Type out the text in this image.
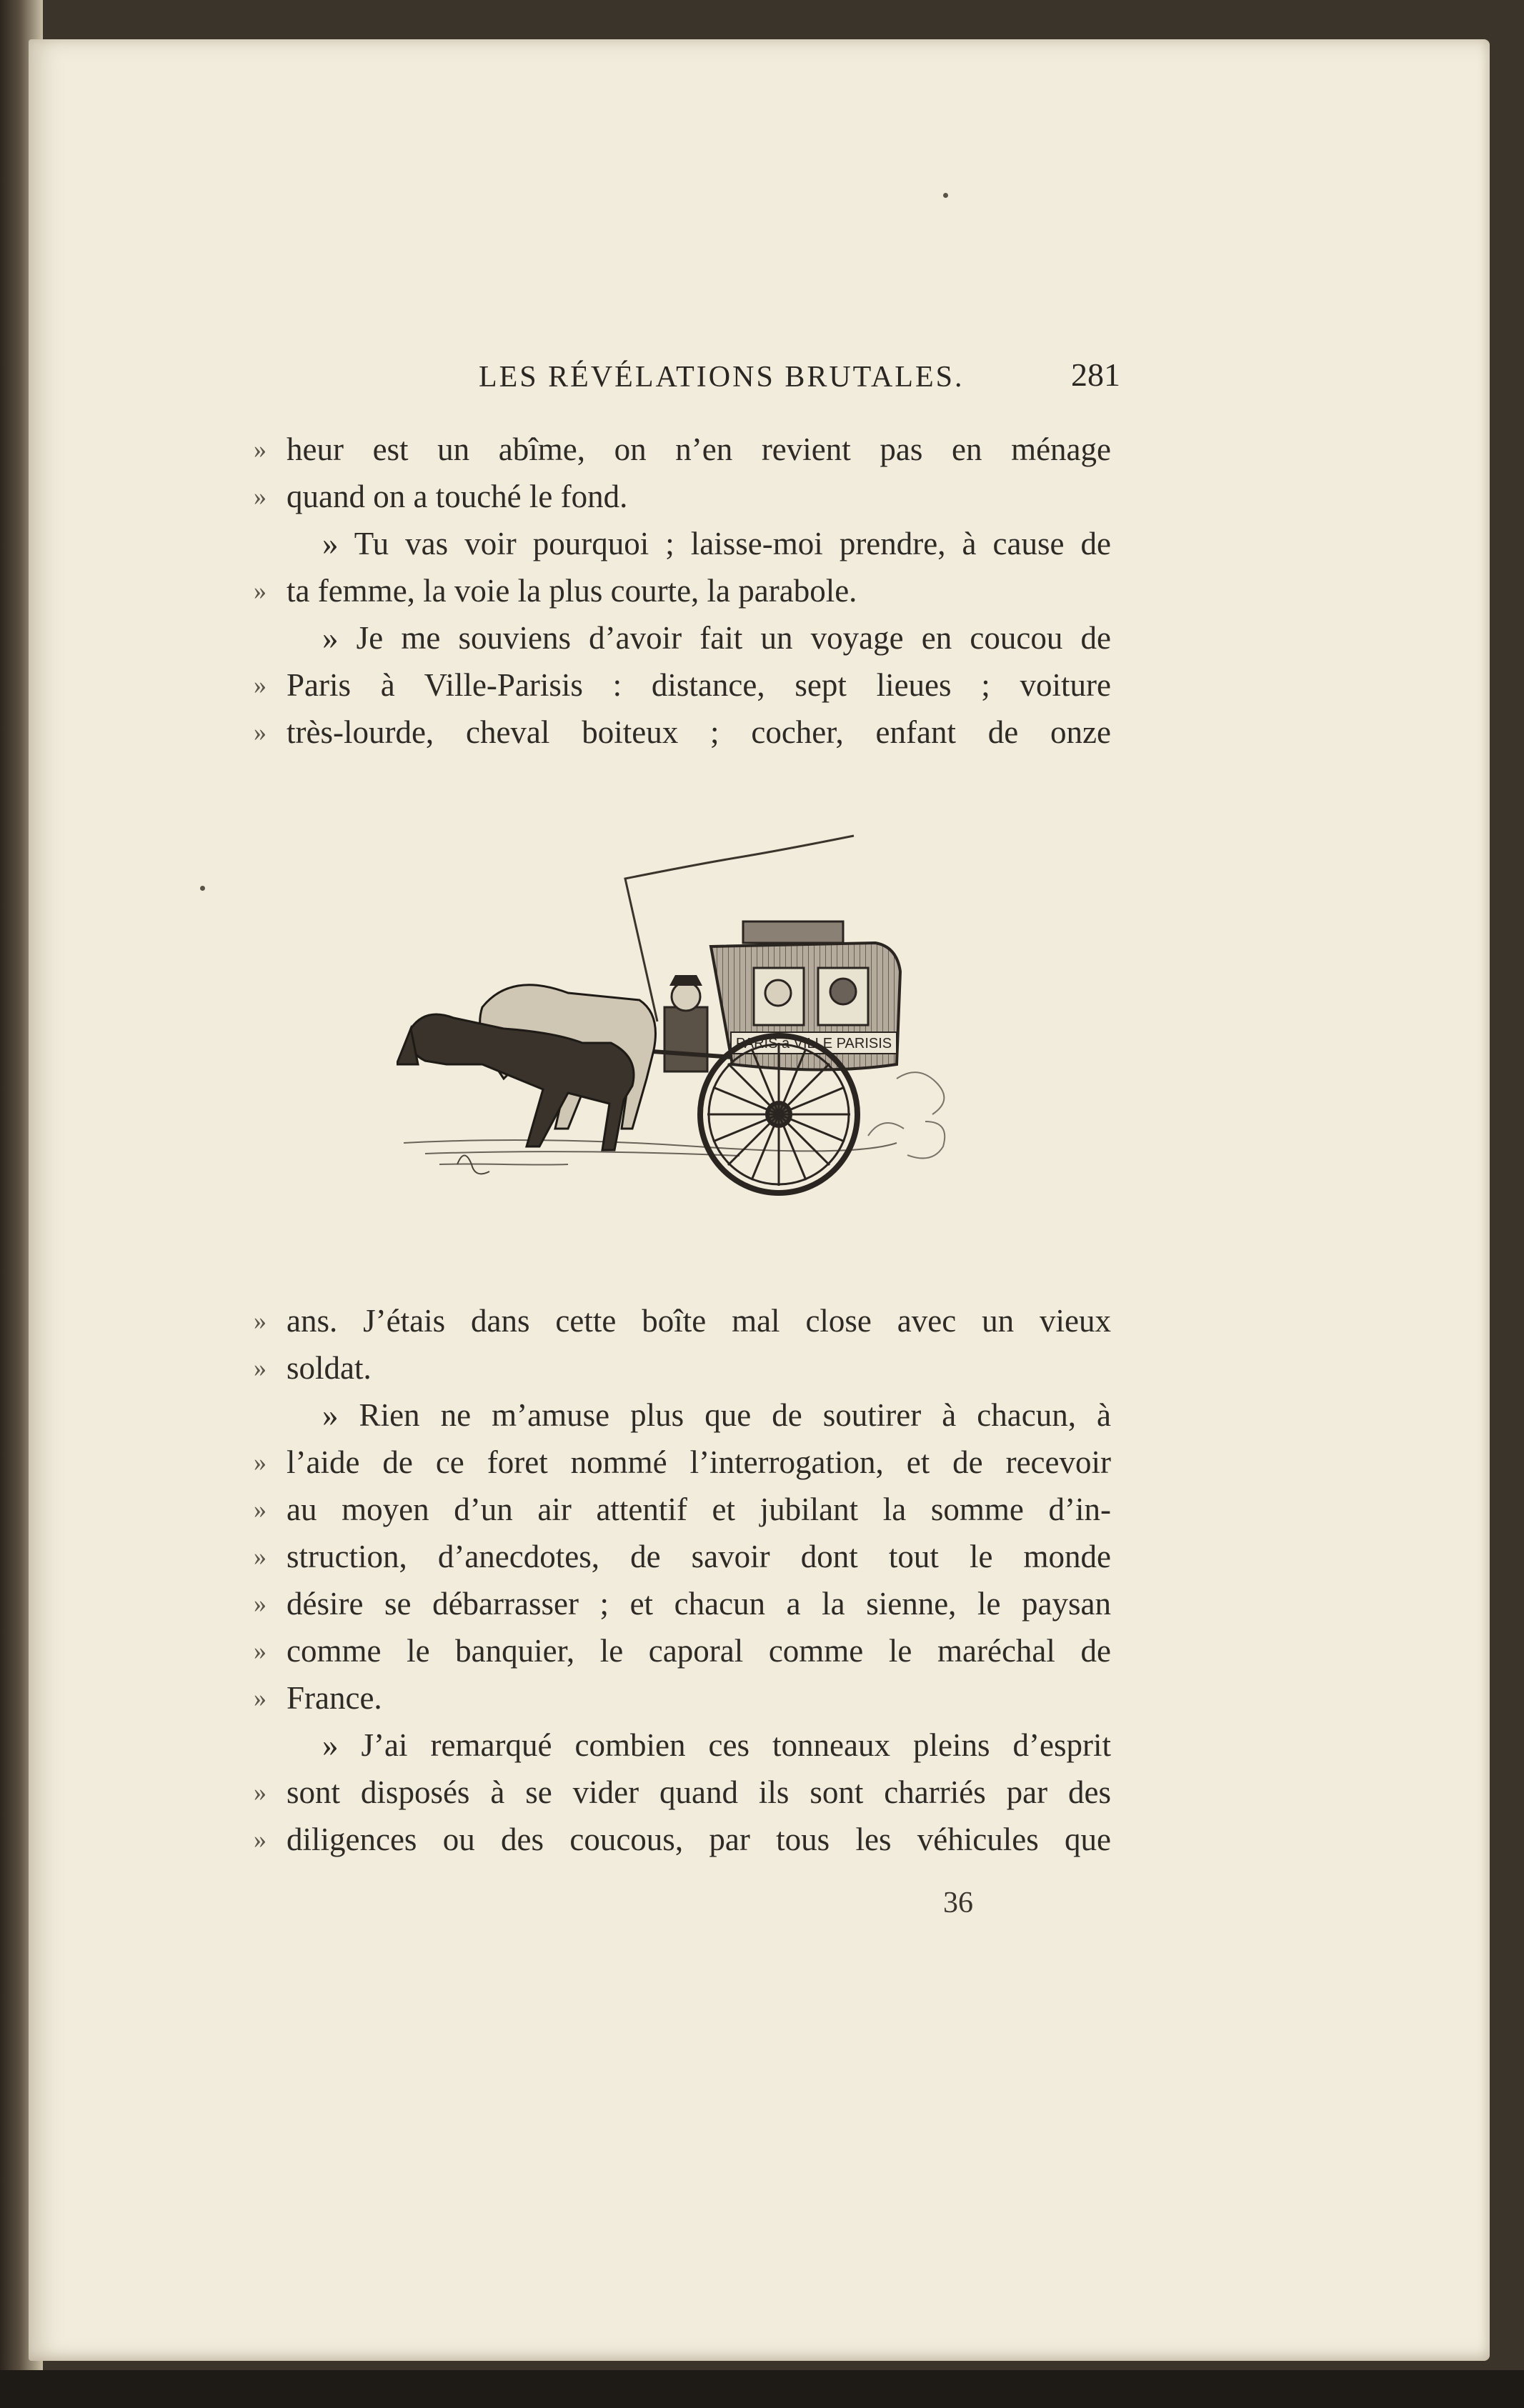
LES RÉVÉLATIONS BRUTALES.	281
» heur est un abîme, on n’en revient pas en ménage
» quand on a touché le fond.
» Tu vas voir pourquoi ; laisse-moi prendre, à cause de
» ta femme, la voie la plus courte, la parabole.
» Je me souviens d’avoir fait un voyage en coucou de
» Paris à Ville-Parisis : distance, sept lieues ; voiture
» très-lourde, cheval boiteux ; cocher, enfant de onze
PARIS à VILLE PARISIS
» ans. J’étais dans cette boîte mal close avec un vieux
» soldat.
» Rien ne m’amuse plus que de soutirer à chacun, à
» l’aide de ce foret nommé l’interrogation, et de recevoir
» au moyen d’un air attentif et jubilant la somme d’in-
» struction, d’anecdotes, de savoir dont tout le monde
» désire se débarrasser ; et chacun a la sienne, le paysan
» comme le banquier, le caporal comme le maréchal de
» France.
» J’ai remarqué combien ces tonneaux pleins d’esprit
» sont disposés à se vider quand ils sont charriés par des
» diligences ou des coucous, par tous les véhicules que
36
